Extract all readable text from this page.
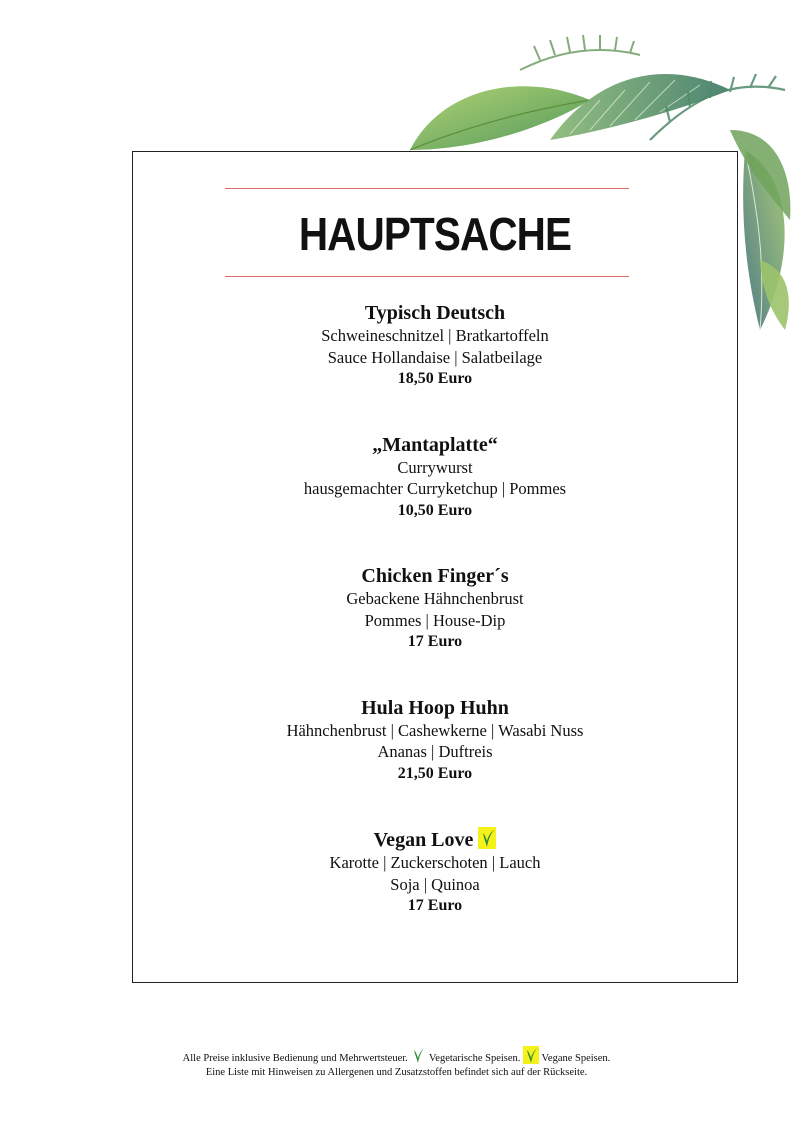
HAUPTSACHE

Typisch Deutsch

Schweineschnitzel | Bratkartoffeln

Sauce Hollandaise | Salatbeilage

18,50 Euro

„Mantaplatte“

Currywurst

hausgemachter Curryketchup | Pommes

10,50 Euro

Chicken Finger´s

Gebackene Hähnchenbrust

Pommes | House-Dip

17 Euro

Hula Hoop Huhn

Hähnchenbrust | Cashewkerne | Wasabi Nuss

Ananas | Duftreis

21,50 Euro

Vegan Love

Karotte | Zuckerschoten | Lauch

Soja | Quinoa

17 Euro

Alle Preise inklusive Bedienung und Mehrwertsteuer. Vegetarische Speisen. Vegane Speisen.

Eine Liste mit Hinweisen zu Allergenen und Zusatzstoffen befindet sich auf der Rückseite.
